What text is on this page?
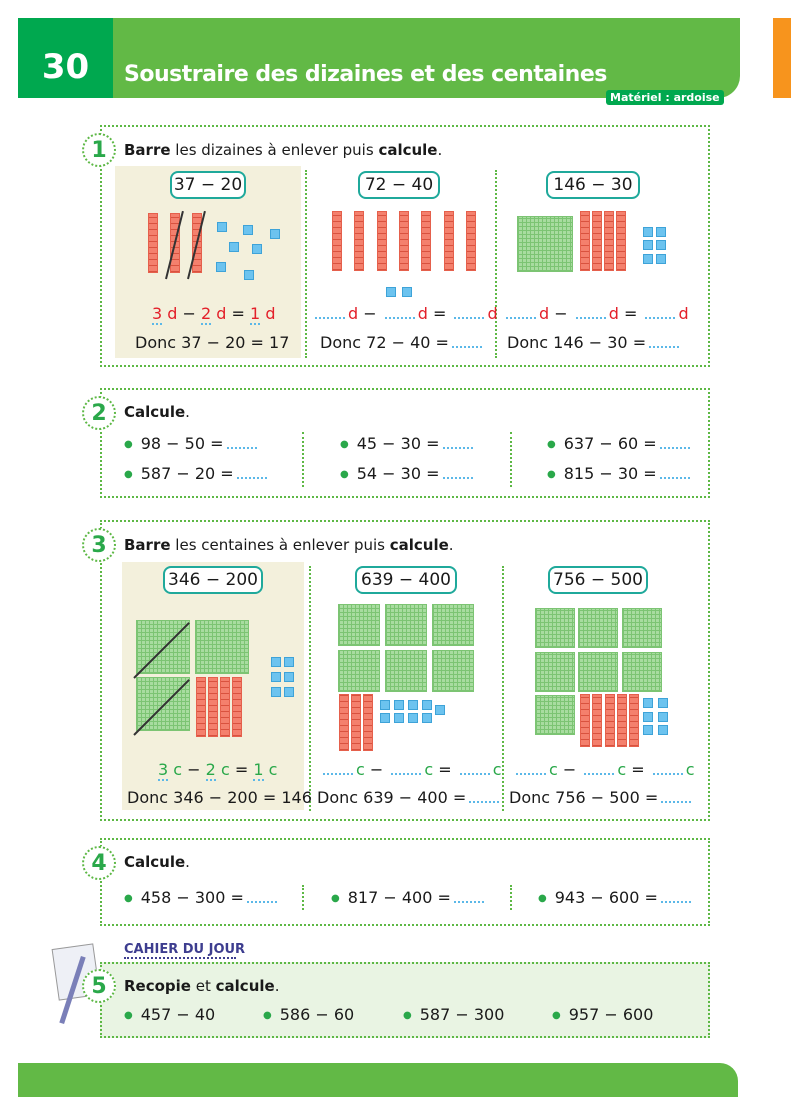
30	Soustraire des dizaines et des centaines
Matériel : ardoise
1	Barre les dizaines à enlever puis calcule.
37 − 20	72 − 40	146 − 30
3 d − 2 d = 1 d
Donc 37 − 20 = 17
d − d = d
Donc 72 − 40 =
d − d = d
Donc 146 − 30 =
2	Calcule.
● 98 − 50 =
● 587 − 20 =
● 45 − 30 =
● 54 − 30 =
● 637 − 60 =
● 815 − 30 =
3	Barre les centaines à enlever puis calcule.
346 − 200	639 − 400	756 − 500
3 c − 2 c = 1 c
Donc 346 − 200 = 146
c − c = c
Donc 639 − 400 =
c − c = c
Donc 756 − 500 =
4	Calcule.
● 458 − 300 =	● 817 − 400 =	● 943 − 600 =
CAHIER DU JOUR
5	Recopie et calcule.
● 457 − 40	● 586 − 60	● 587 − 300	● 957 − 600
